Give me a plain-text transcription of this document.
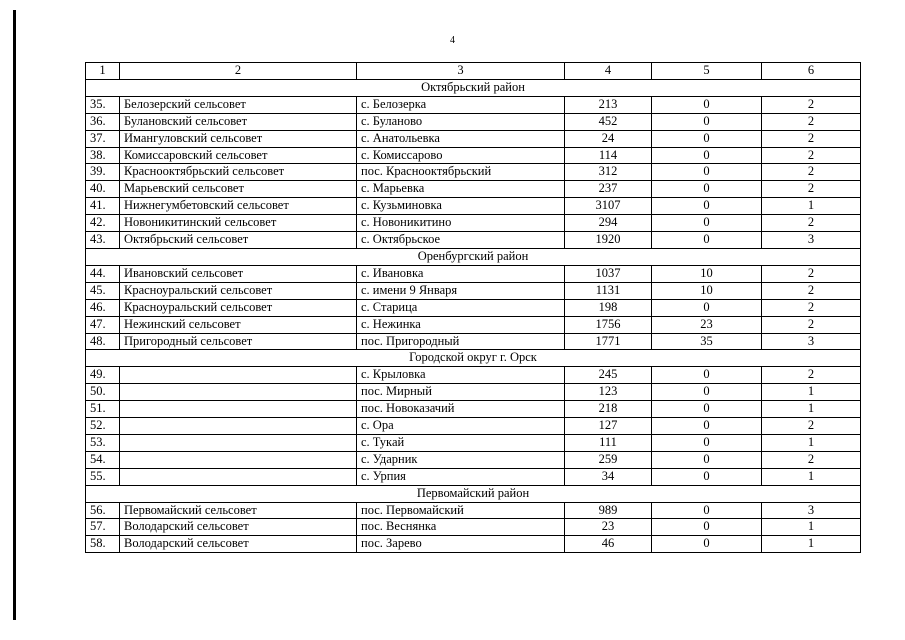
4
1	2	3	4	5	6
Октябрьский район					
35.	Белозерский сельсовет	с. Белозерка	213	0	2
36.	Булановский сельсовет	с. Буланово	452	0	2
37.	Имангуловский сельсовет	с. Анатольевка	24	0	2
38.	Комиссаровский сельсовет	с. Комиссарово	114	0	2
39.	Краснооктябрьский сельсовет	пос. Краснооктябрьский	312	0	2
40.	Марьевский сельсовет	с. Марьевка	237	0	2
41.	Нижнегумбетовский сельсовет	с. Кузьминовка	3107	0	1
42.	Новоникитинский сельсовет	с. Новоникитино	294	0	2
43.	Октябрьский сельсовет	с. Октябрьское	1920	0	3
Оренбургский район					
44.	Ивановский сельсовет	с. Ивановка	1037	10	2
45.	Красноуральский сельсовет	с. имени 9 Января	1131	10	2
46.	Красноуральский сельсовет	с. Старица	198	0	2
47.	Нежинский сельсовет	с. Нежинка	1756	23	2
48.	Пригородный сельсовет	пос. Пригородный	1771	35	3
Городской округ г. Орск					
49.		с. Крыловка	245	0	2
50.		пос. Мирный	123	0	1
51.		пос. Новоказачий	218	0	1
52.		с. Ора	127	0	2
53.		с. Тукай	111	0	1
54.		с. Ударник	259	0	2
55.		с. Урпия	34	0	1
Первомайский район					
56.	Первомайский сельсовет	пос. Первомайский	989	0	3
57.	Володарский сельсовет	пос. Веснянка	23	0	1
58.	Володарский сельсовет	пос. Зарево	46	0	1
